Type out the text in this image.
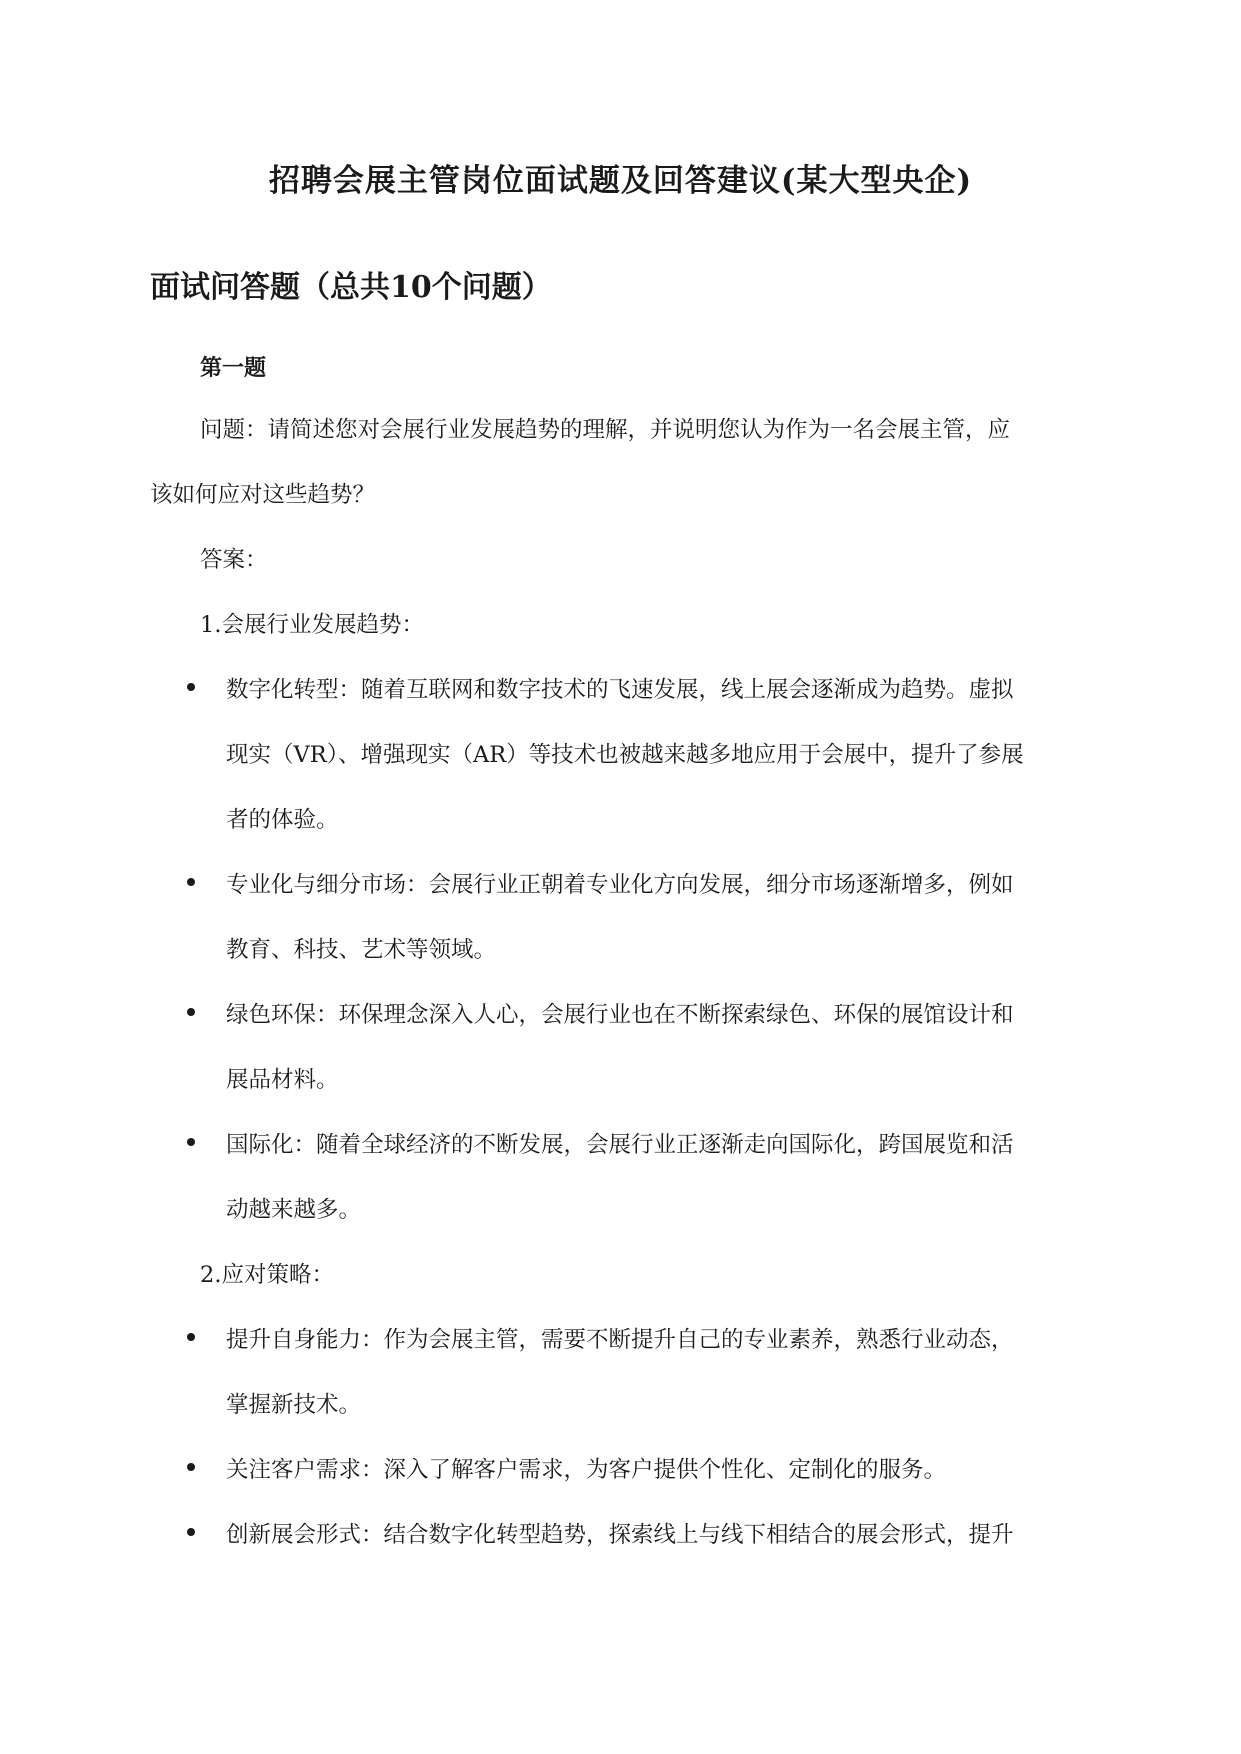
招聘会展主管岗位面试题及回答建议(某大型央企)
面试问答题（总共10个问题）
第一题

问题：请简述您对会展行业发展趋势的理解，并说明您认为作为一名会展主管，应

该如何应对这些趋势？

答案：

1.会展行业发展趋势：

数字化转型：随着互联网和数字技术的飞速发展，线上展会逐渐成为趋势。虚拟

现实（VR）、增强现实（AR）等技术也被越来越多地应用于会展中，提升了参展

者的体验。

专业化与细分市场：会展行业正朝着专业化方向发展，细分市场逐渐增多，例如

教育、科技、艺术等领域。

绿色环保：环保理念深入人心，会展行业也在不断探索绿色、环保的展馆设计和

展品材料。

国际化：随着全球经济的不断发展，会展行业正逐渐走向国际化，跨国展览和活

动越来越多。

2.应对策略：

提升自身能力：作为会展主管，需要不断提升自己的专业素养，熟悉行业动态，

掌握新技术。

关注客户需求：深入了解客户需求，为客户提供个性化、定制化的服务。

创新展会形式：结合数字化转型趋势，探索线上与线下相结合的展会形式，提升
